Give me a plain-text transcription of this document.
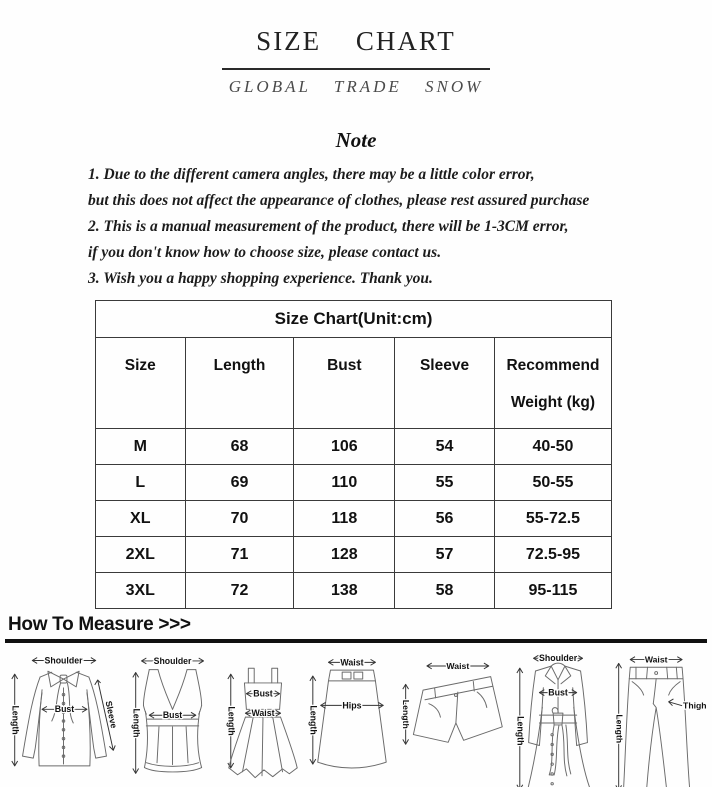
SIZE CHART
GLOBAL TRADE SNOW
Note
1. Due to the different camera angles, there may be a little color error,
but this does not affect the appearance of clothes, please rest assured purchase
2. This is a manual measurement of the product, there will be 1-3CM error,
if you don't know how to choose size, please contact us.
3. Wish you a happy shopping experience. Thank you.
Size Chart(Unit:cm)				
Size	Length	Bust	Sleeve	Recommend Weight (kg)
M	68	106	54	40-50
L	69	110	55	50-55
XL	70	118	56	55-72.5
2XL	71	128	57	72.5-95
3XL	72	138	58	95-115
How To Measure >>>
Shoulder
Length	Bust	Sleeve
Shoulder
Length Bust	Length
Bust
Waist
Waist
Hips
Length
Waist
Length
Shoulder
Length
Bust
Waist
Length
Thigh
